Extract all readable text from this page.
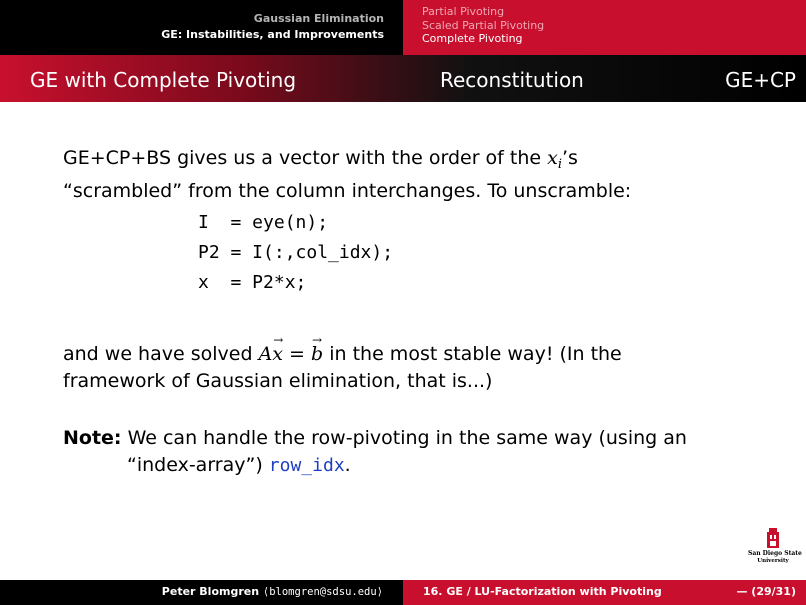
Gaussian Elimination
GE: Instabilities, and Improvements
Partial Pivoting
Scaled Partial Pivoting
Complete Pivoting
GE with Complete Pivoting	Reconstitution	GE+CP
GE+CP+BS gives us a vector with the order of the $x_i’s$
“scrambled” from the column interchanges. To unscramble:
I  = eye(n);
P2 = I(:,col_idx);
x  = P2*x;
and we have solved A→ x = → b in the most stable way! (In the
framework of Gaussian elimination, that is...)
Note: We can handle the row-pivoting in the same way (using an
“index-array”) row_idx.
San Diego State
University
Peter Blomgren ⟨blomgren@sdsu.edu⟩	16. GE / LU-Factorization with Pivoting	— (29/31)
